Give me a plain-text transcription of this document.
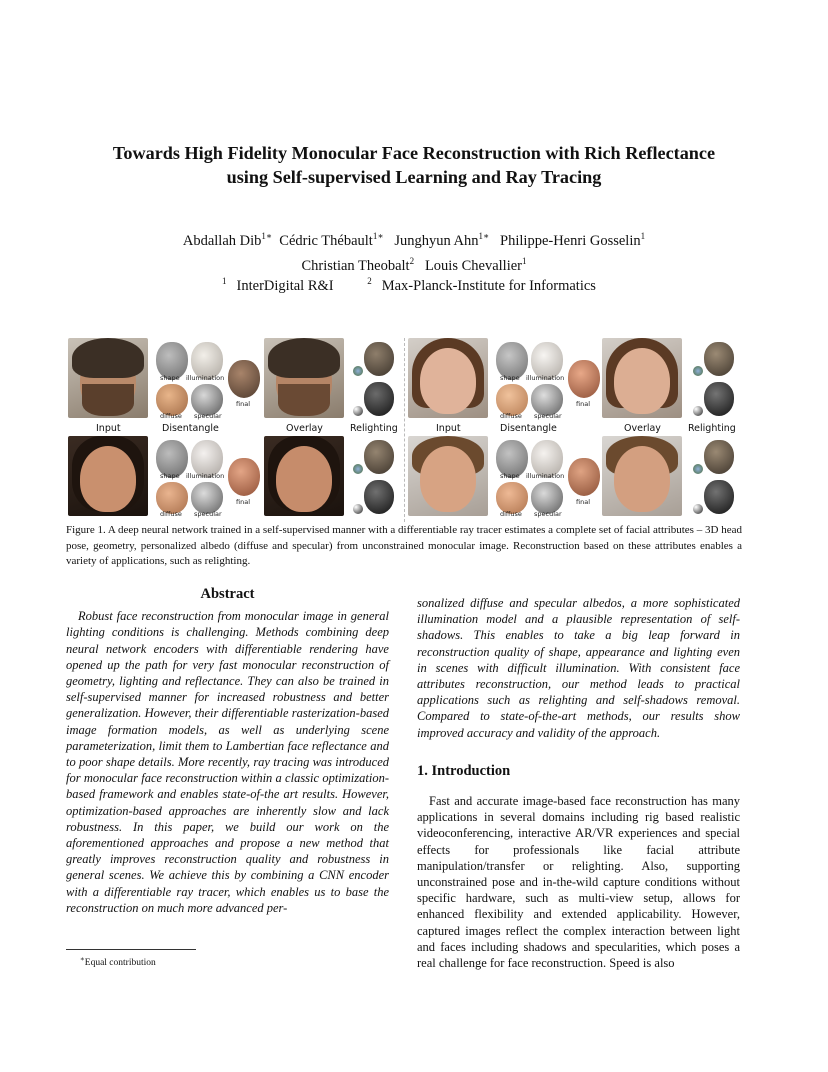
Towards High Fidelity Monocular Face Reconstruction with Rich Reflectance
using Self-supervised Learning and Ray Tracing
Abdallah Dib$^{1∗}$ Cédric Thébault$^{1∗}$ Junghyun Ahn$^{1∗}$ Philippe-Henri Gosselin$^1$
Christian Theobalt$^2$ Louis Chevallier$^1$
$^1$ InterDigital R&I	$^2$ Max-Planck-Institute for Informatics
shape illumination
diffuse specular
final
Input	Disentangle	Overlay	Relighting
shape illumination
diffuse specular
final
Input	Disentangle	Overlay	Relighting
shape illumination
diffuse specular
final
shape illumination
diffuse specular
final
Figure 1. A deep neural network trained in a self-supervised manner with a differentiable ray tracer estimates a complete set of facial attributes – 3D head pose, geometry, personalized albedo (diffuse and specular) from unconstrained monocular image. Reconstruction based on these attributes enables a variety of applications, such as relighting.
Abstract

Robust face reconstruction from monocular image in general lighting conditions is challenging. Methods combining deep neural network encoders with differentiable rendering have opened up the path for very fast monocular reconstruction of geometry, lighting and reflectance. They can also be trained in self-supervised manner for increased robustness and better generalization. However, their differentiable rasterization-based image formation models, as well as underlying scene parameterization, limit them to Lambertian face reflectance and to poor shape details. More recently, ray tracing was introduced for monocular face reconstruction within a classic optimization-based framework and enables state-of-the art results. However, optimization-based approaches are inherently slow and lack robustness. In this paper, we build our work on the aforementioned approaches and propose a new method that greatly improves reconstruction quality and robustness in general scenes. We achieve this by combining a CNN encoder with a differentiable ray tracer, which enables us to base the reconstruction on much more advanced per-

sonalized diffuse and specular albedos, a more sophisticated illumination model and a plausible representation of self-shadows. This enables to take a big leap forward in reconstruction quality of shape, appearance and lighting even in scenes with difficult illumination. With consistent face attributes reconstruction, our method leads to practical applications such as relighting and self-shadows removal. Compared to state-of-the-art methods, our results show improved accuracy and validity of the approach.

1. Introduction

Fast and accurate image-based face reconstruction has many applications in several domains including rig based realistic videoconferencing, interactive AR/VR experiences and special effects for professionals like facial attribute manipulation/transfer or relighting. Also, supporting unconstrained pose and in-the-wild capture conditions without specific hardware, such as multi-view setup, allows for enhanced flexibility and extended applicability. However, captured images reflect the complex interaction between light and faces including shadows and specularities, which poses a real challenge for face reconstruction. Speed is also

∗Equal contribution
